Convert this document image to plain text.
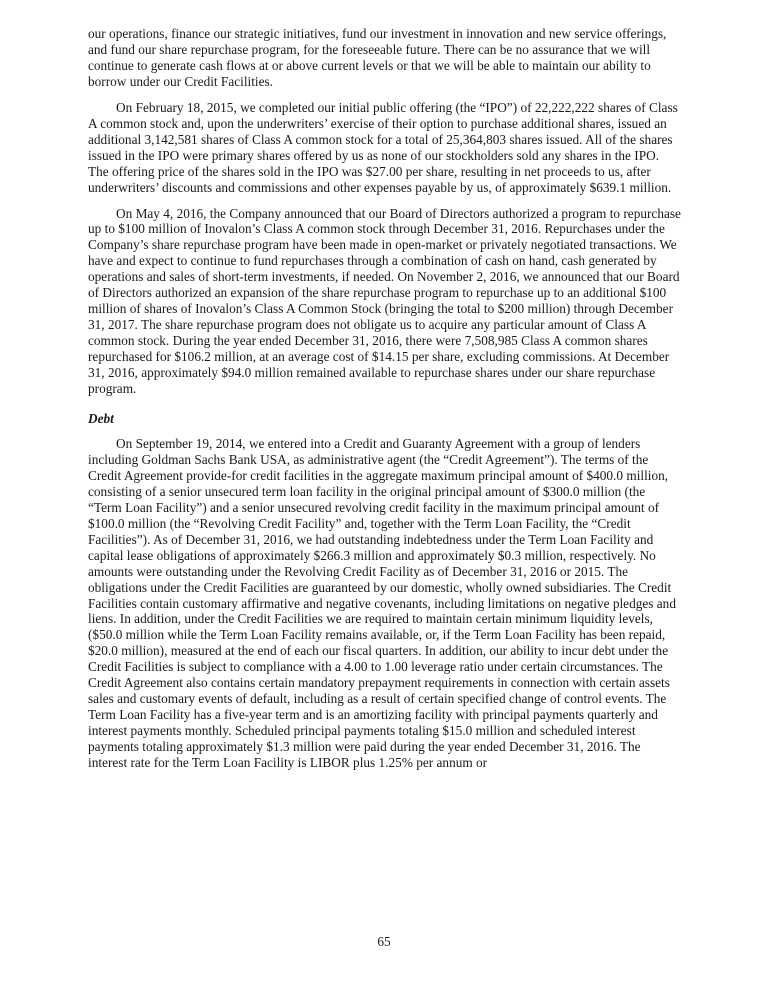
our operations, finance our strategic initiatives, fund our investment in innovation and new service offerings, and fund our share repurchase program, for the foreseeable future. There can be no assurance that we will continue to generate cash flows at or above current levels or that we will be able to maintain our ability to borrow under our Credit Facilities.

On February 18, 2015, we completed our initial public offering (the “IPO”) of 22,222,222 shares of Class A common stock and, upon the underwriters’ exercise of their option to purchase additional shares, issued an additional 3,142,581 shares of Class A common stock for a total of 25,364,803 shares issued. All of the shares issued in the IPO were primary shares offered by us as none of our stockholders sold any shares in the IPO. The offering price of the shares sold in the IPO was $27.00 per share, resulting in net proceeds to us, after underwriters’ discounts and commissions and other expenses payable by us, of approximately $639.1 million.

On May 4, 2016, the Company announced that our Board of Directors authorized a program to repurchase up to $100 million of Inovalon’s Class A common stock through December 31, 2016. Repurchases under the Company’s share repurchase program have been made in open-market or privately negotiated transactions. We have and expect to continue to fund repurchases through a combination of cash on hand, cash generated by operations and sales of short-term investments, if needed. On November 2, 2016, we announced that our Board of Directors authorized an expansion of the share repurchase program to repurchase up to an additional $100 million of shares of Inovalon’s Class A Common Stock (bringing the total to $200 million) through December 31, 2017. The share repurchase program does not obligate us to acquire any particular amount of Class A common stock. During the year ended December 31, 2016, there were 7,508,985 Class A common shares repurchased for $106.2 million, at an average cost of $14.15 per share, excluding commissions. At December 31, 2016, approximately $94.0 million remained available to repurchase shares under our share repurchase program.

Debt

On September 19, 2014, we entered into a Credit and Guaranty Agreement with a group of lenders including Goldman Sachs Bank USA, as administrative agent (the “Credit Agreement”). The terms of the Credit Agreement provide-for credit facilities in the aggregate maximum principal amount of $400.0 million, consisting of a senior unsecured term loan facility in the original principal amount of $300.0 million (the “Term Loan Facility”) and a senior unsecured revolving credit facility in the maximum principal amount of $100.0 million (the “Revolving Credit Facility” and, together with the Term Loan Facility, the “Credit Facilities”). As of December 31, 2016, we had outstanding indebtedness under the Term Loan Facility and capital lease obligations of approximately $266.3 million and approximately $0.3 million, respectively. No amounts were outstanding under the Revolving Credit Facility as of December 31, 2016 or 2015. The obligations under the Credit Facilities are guaranteed by our domestic, wholly owned subsidiaries. The Credit Facilities contain customary affirmative and negative covenants, including limitations on negative pledges and liens. In addition, under the Credit Facilities we are required to maintain certain minimum liquidity levels, ($50.0 million while the Term Loan Facility remains available, or, if the Term Loan Facility has been repaid, $20.0 million), measured at the end of each our fiscal quarters. In addition, our ability to incur debt under the Credit Facilities is subject to compliance with a 4.00 to 1.00 leverage ratio under certain circumstances. The Credit Agreement also contains certain mandatory prepayment requirements in connection with certain assets sales and customary events of default, including as a result of certain specified change of control events. The Term Loan Facility has a five-year term and is an amortizing facility with principal payments quarterly and interest payments monthly. Scheduled principal payments totaling $15.0 million and scheduled interest payments totaling approximately $1.3 million were paid during the year ended December 31, 2016. The interest rate for the Term Loan Facility is LIBOR plus 1.25% per annum or

65
